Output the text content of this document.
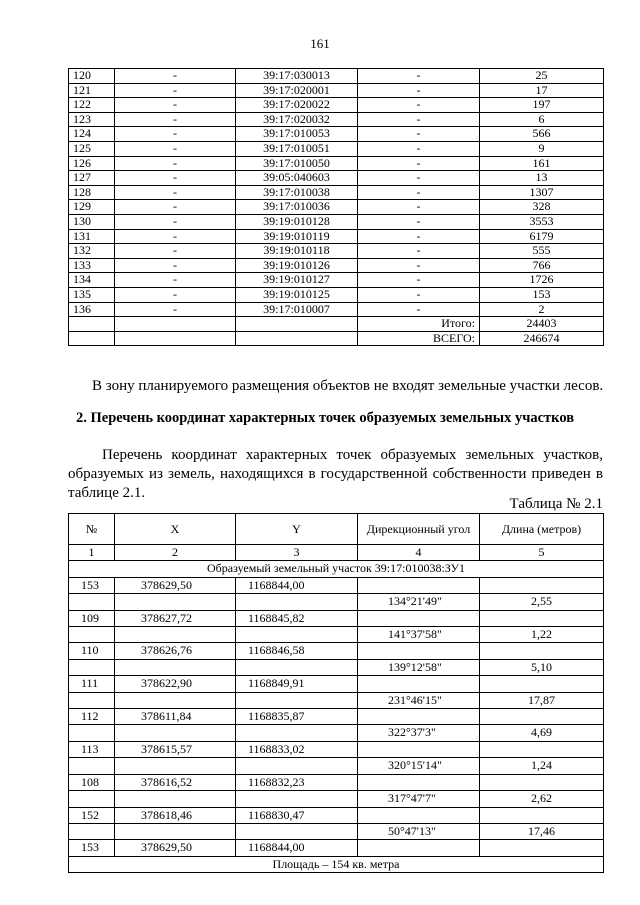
161
120	-	39:17:030013	-	25
121	-	39:17:020001	-	17
122	-	39:17:020022	-	197
123	-	39:17:020032	-	6
124	-	39:17:010053	-	566
125	-	39:17:010051	-	9
126	-	39:17:010050	-	161
127	-	39:05:040603	-	13
128	-	39:17:010038	-	1307
129	-	39:17:010036	-	328
130	-	39:19:010128	-	3553
131	-	39:19:010119	-	6179
132	-	39:19:010118	-	555
133	-	39:19:010126	-	766
134	-	39:19:010127	-	1726
135	-	39:19:010125	-	153
136	-	39:17:010007	-	2
			Итого:	24403
			ВСЕГО:	246674
В зону планируемого размещения объектов не входят земельные участки лесов.
2. Перечень координат характерных точек образуемых земельных участков
Перечень координат характерных точек образуемых земельных участков, образуемых из земель, находящихся в государственной собственности приведен в таблице 2.1.
Таблица № 2.1
№	X	Y	Дирекционный угол	Длина (метров)
1	2	3	4	5
Образуемый земельный участок 39:17:010038:ЗУ1				
153	378629,50	1168844,00		
			134°21'49"	2,55
109	378627,72	1168845,82		
			141°37'58"	1,22
110	378626,76	1168846,58		
			139°12'58"	5,10
111	378622,90	1168849,91		
			231°46'15"	17,87
112	378611,84	1168835,87		
			322°37'3"	4,69
113	378615,57	1168833,02		
			320°15'14"	1,24
108	378616,52	1168832,23		
			317°47'7"	2,62
152	378618,46	1168830,47		
			50°47'13"	17,46
153	378629,50	1168844,00		
Площадь – 154 кв. метра				
